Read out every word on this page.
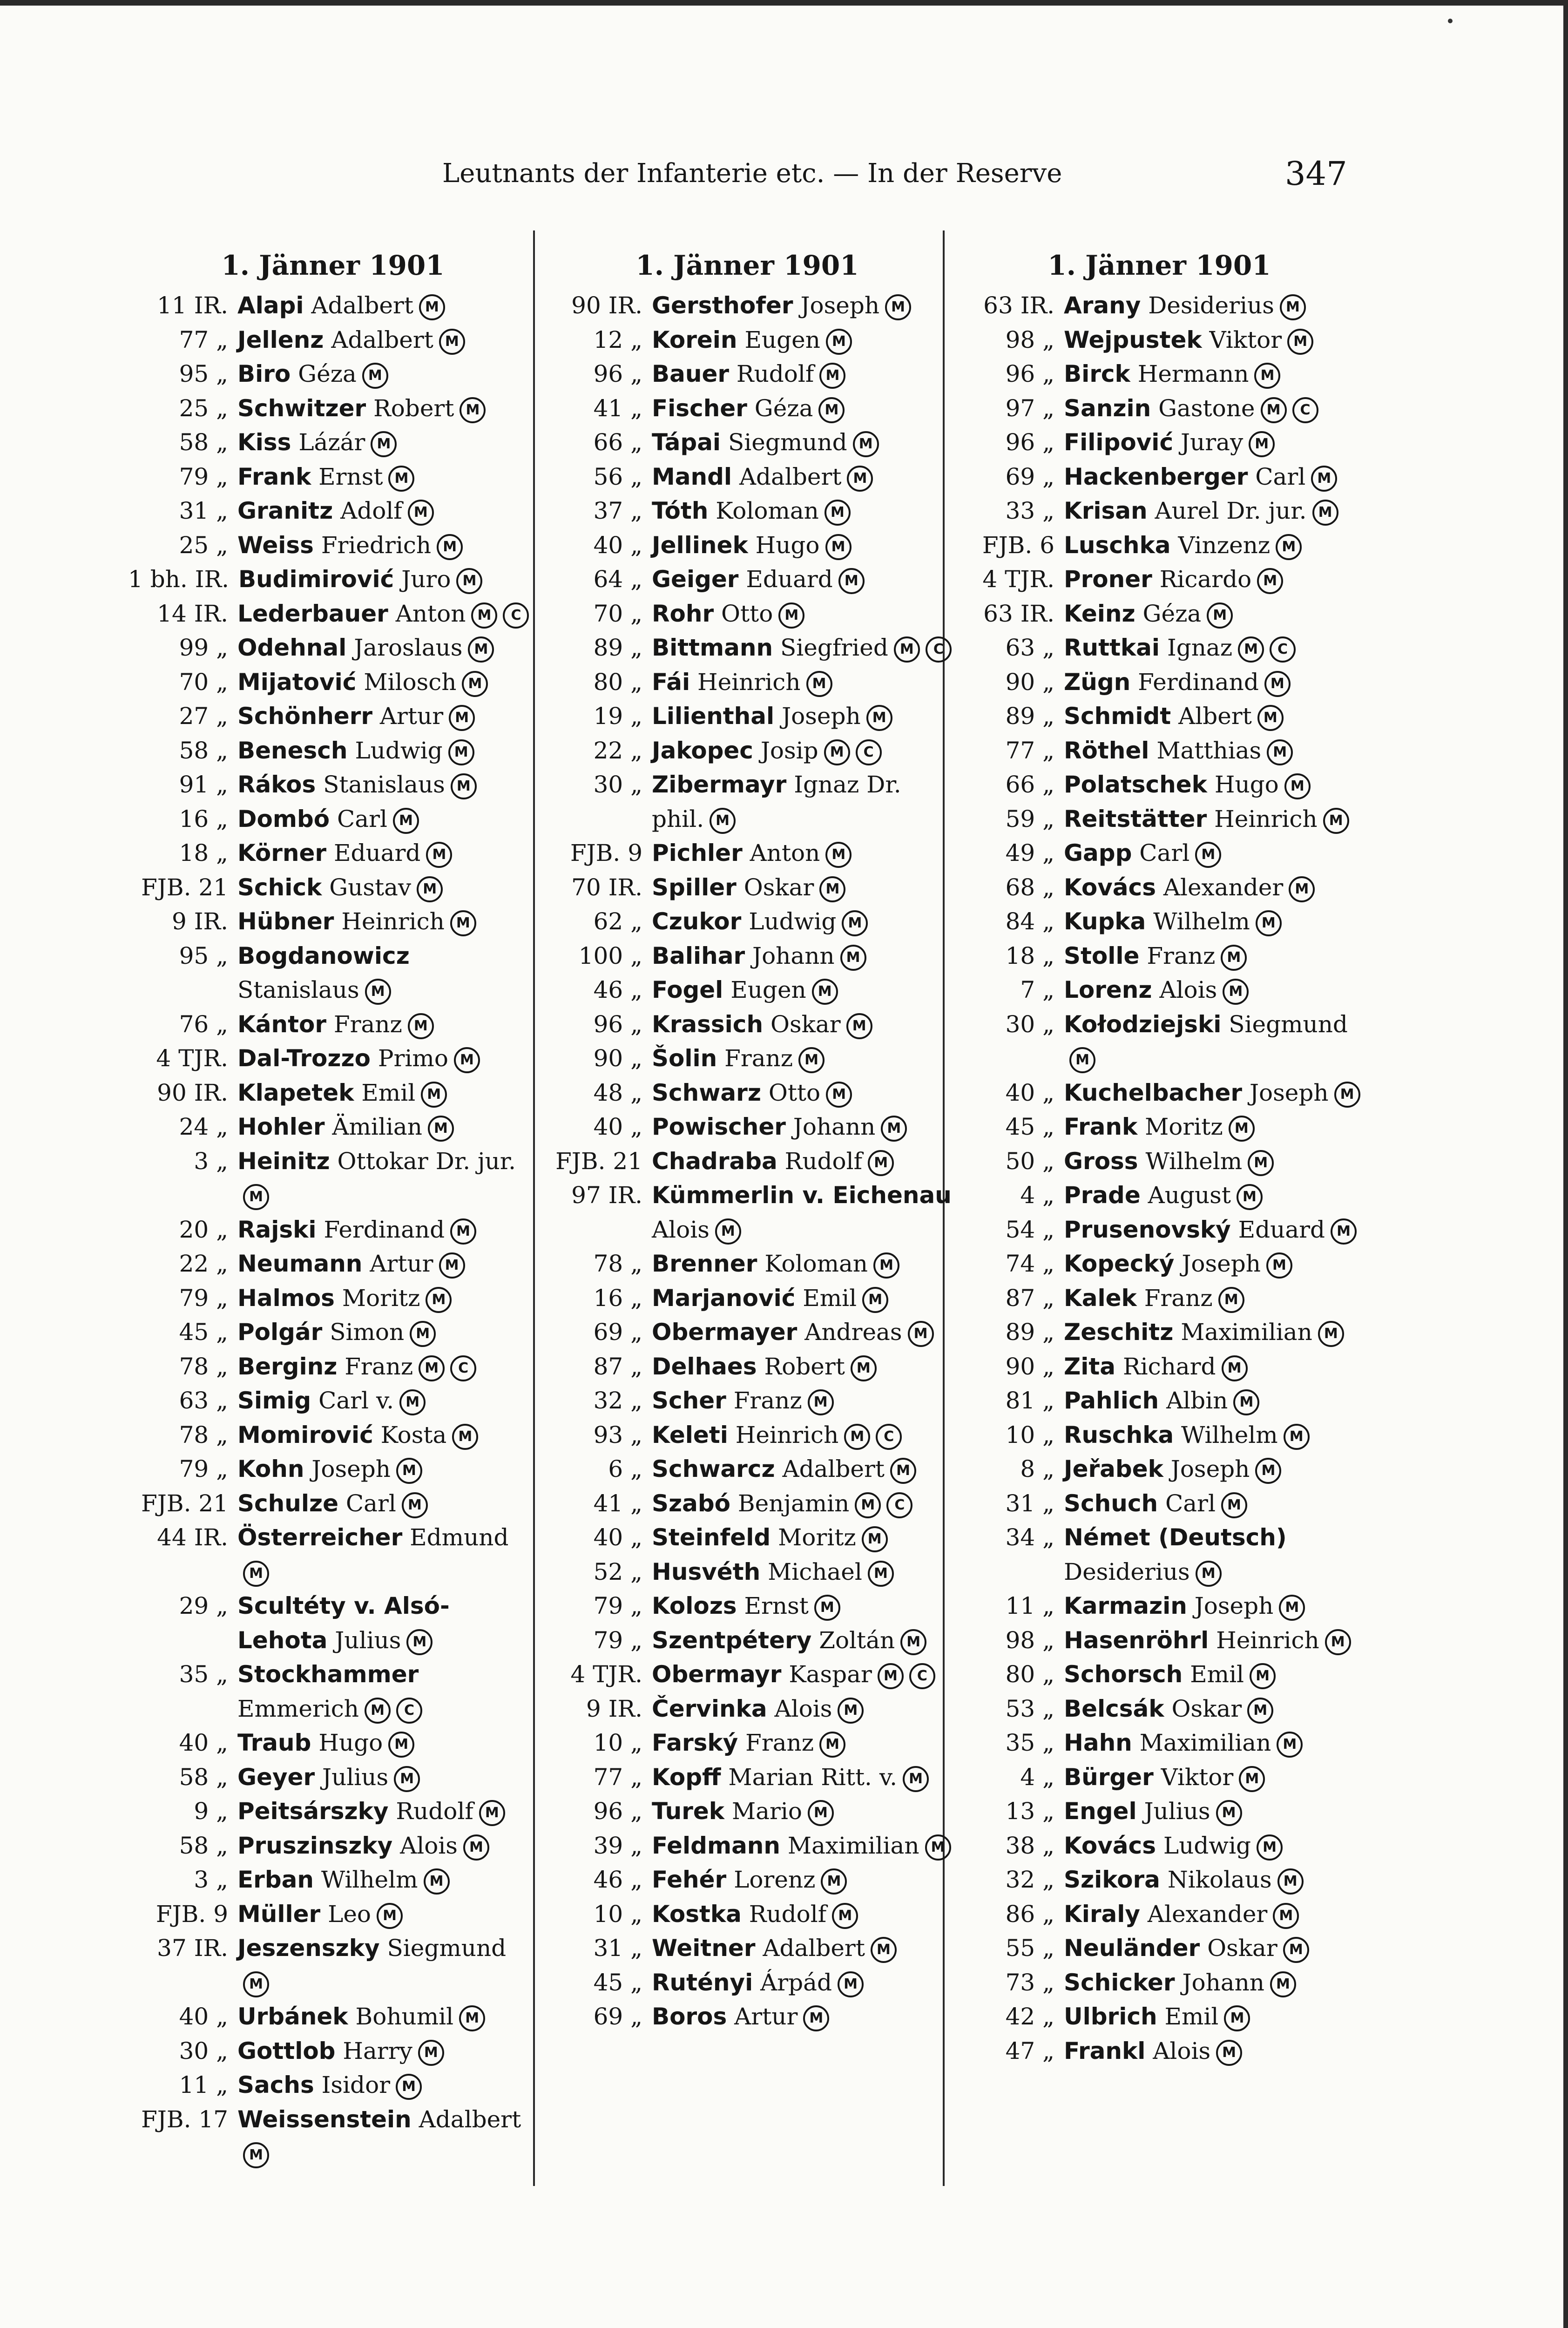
Leutnants der Infanterie etc. — In der Reserve	347
1. Jänner 1901
11 IR. Alapi Adalbert M
77 „ Jellenz Adalbert M
95 „ Biro Géza M
25 „ Schwitzer Robert M
58 „ Kiss Lázár M
79 „ Frank Ernst M
31 „ Granitz Adolf M
25 „ Weiss Friedrich M
1 bh. IR. Budimirović Juro M
14 IR. Lederbauer Anton M C
99 „ Odehnal Jaroslaus M
70 „ Mijatović Milosch M
27 „ Schönherr Artur M
58 „ Benesch Ludwig M
91 „ Rákos Stanislaus M
16 „ Dombó Carl M
18 „ Körner Eduard M
FJB. 21 Schick Gustav M
9 IR. Hübner Heinrich M
95 „ Bogdanowicz Stanislaus M
76 „ Kántor Franz M
4 TJR. Dal-Trozzo Primo M
90 IR. Klapetek Emil M
24 „ Hohler Ämilian M
3 „ Heinitz Ottokar Dr. jur.M
20 „ Rajski Ferdinand M
22 „ Neumann Artur M
79 „ Halmos Moritz M
45 „ Polgár Simon M
78 „ Berginz Franz M C
63 „ Simig Carl v. M
78 „ Momirović Kosta M
79 „ Kohn Joseph M
FJB. 21 Schulze Carl M
44 IR. Österreicher EdmundM
29 „ Scultéty v. Alsó-Lehota Julius M
35 „ Stockhammer Emmerich M C
40 „ Traub Hugo M
58 „ Geyer Julius M
9 „ Peitsárszky Rudolf M
58 „ Pruszinszky Alois M
3 „ Erban Wilhelm M
FJB. 9 Müller Leo M
37 IR. Jeszenszky SiegmundM
40 „ Urbánek Bohumil M
30 „ Gottlob Harry M
11 „ Sachs Isidor M
FJB. 17 Weissenstein AdalbertM
1. Jänner 1901
90 IR. Gersthofer Joseph M
12 „ Korein Eugen M
96 „ Bauer Rudolf M
41 „ Fischer Géza M
66 „ Tápai Siegmund M
56 „ Mandl Adalbert M
37 „ Tóth Koloman M
40 „ Jellinek Hugo M
64 „ Geiger Eduard M
70 „ Rohr Otto M
89 „ Bittmann Siegfried M C
80 „ Fái Heinrich M
19 „ Lilienthal Joseph M
22 „ Jakopec Josip M C
30 „ Zibermayr Ignaz Dr. phil. M
FJB. 9 Pichler Anton M
70 IR. Spiller Oskar M
62 „ Czukor Ludwig M
100 „ Balihar Johann M
46 „ Fogel Eugen M
96 „ Krassich Oskar M
90 „ Šolin Franz M
48 „ Schwarz Otto M
40 „ Powischer Johann M
FJB. 21 Chadraba Rudolf M
97 IR. Kümmerlin v. Eichenau Alois M
78 „ Brenner Koloman M
16 „ Marjanović Emil M
69 „ Obermayer Andreas M
87 „ Delhaes Robert M
32 „ Scher Franz M
93 „ Keleti Heinrich M C
6 „ Schwarcz Adalbert M
41 „ Szabó Benjamin M C
40 „ Steinfeld Moritz M
52 „ Husvéth Michael M
79 „ Kolozs Ernst M
79 „ Szentpétery Zoltán M
4 TJR. Obermayr Kaspar M C
9 IR. Červinka Alois M
10 „ Farský Franz M
77 „ Kopff Marian Ritt. v. M
96 „ Turek Mario M
39 „ Feldmann Maximilian M
46 „ Fehér Lorenz M
10 „ Kostka Rudolf M
31 „ Weitner Adalbert M
45 „ Rutényi Árpád M
69 „ Boros Artur M
1. Jänner 1901
63 IR. Arany Desiderius M
98 „ Wejpustek Viktor M
96 „ Birck Hermann M
97 „ Sanzin Gastone M C
96 „ Filipović Juray M
69 „ Hackenberger Carl M
33 „ Krisan Aurel Dr. jur. M
FJB. 6 Luschka Vinzenz M
4 TJR. Proner Ricardo M
63 IR. Keinz Géza M
63 „ Ruttkai Ignaz M C
90 „ Zügn Ferdinand M
89 „ Schmidt Albert M
77 „ Röthel Matthias M
66 „ Polatschek Hugo M
59 „ Reitstätter Heinrich M
49 „ Gapp Carl M
68 „ Kovács Alexander M
84 „ Kupka Wilhelm M
18 „ Stolle Franz M
7 „ Lorenz Alois M
30 „ Kołodziejski SiegmundM
40 „ Kuchelbacher Joseph M
45 „ Frank Moritz M
50 „ Gross Wilhelm M
4 „ Prade August M
54 „ Prusenovský Eduard M
74 „ Kopecký Joseph M
87 „ Kalek Franz M
89 „ Zeschitz Maximilian M
90 „ Zita Richard M
81 „ Pahlich Albin M
10 „ Ruschka Wilhelm M
8 „ Jeřabek Joseph M
31 „ Schuch Carl M
34 „ Német (Deutsch) Desiderius M
11 „ Karmazin Joseph M
98 „ Hasenröhrl Heinrich M
80 „ Schorsch Emil M
53 „ Belcsák Oskar M
35 „ Hahn Maximilian M
4 „ Bürger Viktor M
13 „ Engel Julius M
38 „ Kovács Ludwig M
32 „ Szikora Nikolaus M
86 „ Kiraly Alexander M
55 „ Neuländer Oskar M
73 „ Schicker Johann M
42 „ Ulbrich Emil M
47 „ Frankl Alois M
